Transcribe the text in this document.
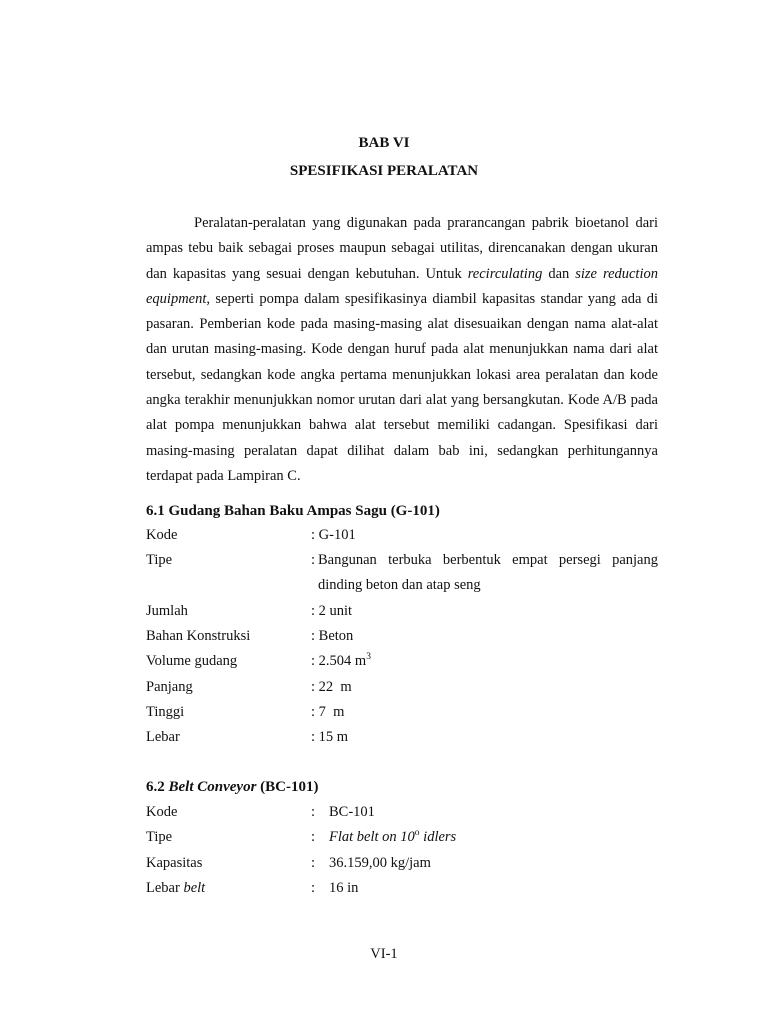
BAB VI
SPESIFIKASI PERALATAN

Peralatan-peralatan yang digunakan pada prarancangan pabrik bioetanol dari ampas tebu baik sebagai proses maupun sebagai utilitas, direncanakan dengan ukuran dan kapasitas yang sesuai dengan kebutuhan. Untuk recirculating dan size reduction equipment, seperti pompa dalam spesifikasinya diambil kapasitas standar yang ada di pasaran. Pemberian kode pada masing-masing alat disesuaikan dengan nama alat-alat dan urutan masing-masing. Kode dengan huruf pada alat menunjukkan nama dari alat tersebut, sedangkan kode angka pertama menunjukkan lokasi area peralatan dan kode angka terakhir menunjukkan nomor urutan dari alat yang bersangkutan. Kode A/B pada alat pompa menunjukkan bahwa alat tersebut memiliki cadangan. Spesifikasi dari masing-masing peralatan dapat dilihat dalam bab ini, sedangkan perhitungannya terdapat pada Lampiran C.

6.1 Gudang Bahan Baku Ampas Sagu (G-101)
Kode	: G-101
Tipe	: Bangunan terbuka berbentuk empat persegi panjang dinding beton dan atap seng

Jumlah	: 2 unit
Bahan Konstruksi	: Beton
Volume gudang	: 2.504 $m^3$
Panjang	: 22  m
Tinggi	: 7  m
Lebar	: 15 m
6.2 Belt Conveyor (BC-101)
Kode	: BC-101
Tipe	: Flat belt on 10$^o$ idlers
Kapasitas	: 36.159,00 kg/jam
Lebar belt	: 16 in
VI-1
